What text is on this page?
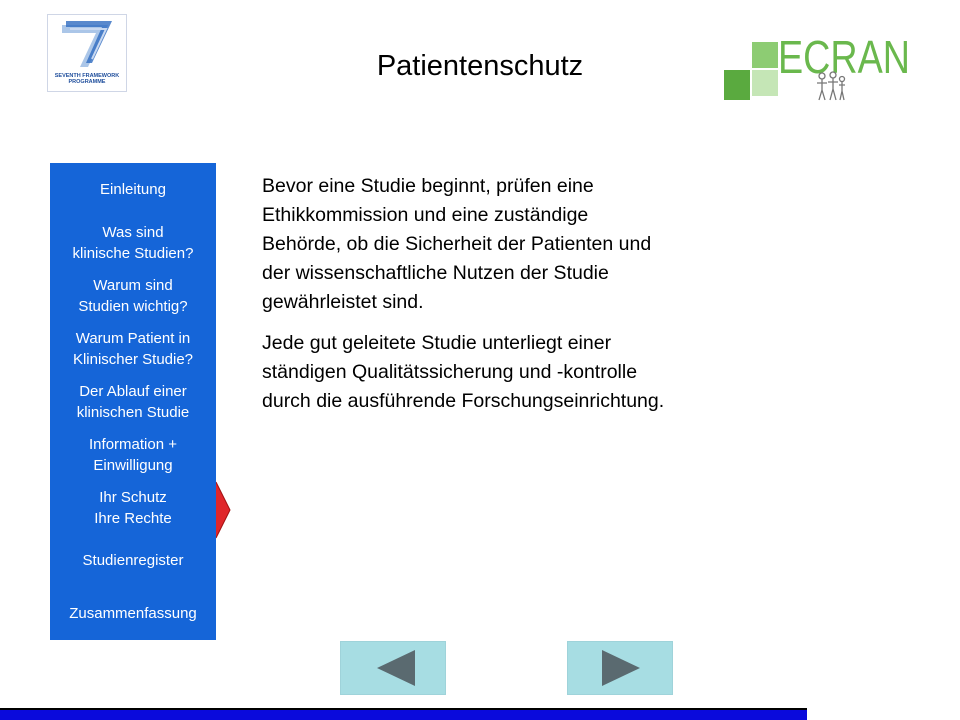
SEVENTH FRAMEWORK PROGRAMME	ECRAN
Patientenschutz
Einleitung
Was sind
klinische Studien?
Warum sind
Studien wichtig?
Warum Patient in
Klinischer Studie?
Der Ablauf einer
klinischen Studie
Information +
Einwilligung
Ihr Schutz
Ihre Rechte
Studienregister
Zusammenfassung

Bevor eine Studie beginnt, prüfen eine Ethikkommission und eine zuständige Behörde, ob die Sicherheit der Patienten und der wissenschaftliche Nutzen der Studie gewährleistet sind.

Jede gut geleitete Studie unterliegt einer ständigen Qualitätssicherung und -kontrolle durch die ausführende Forschungseinrichtung.
